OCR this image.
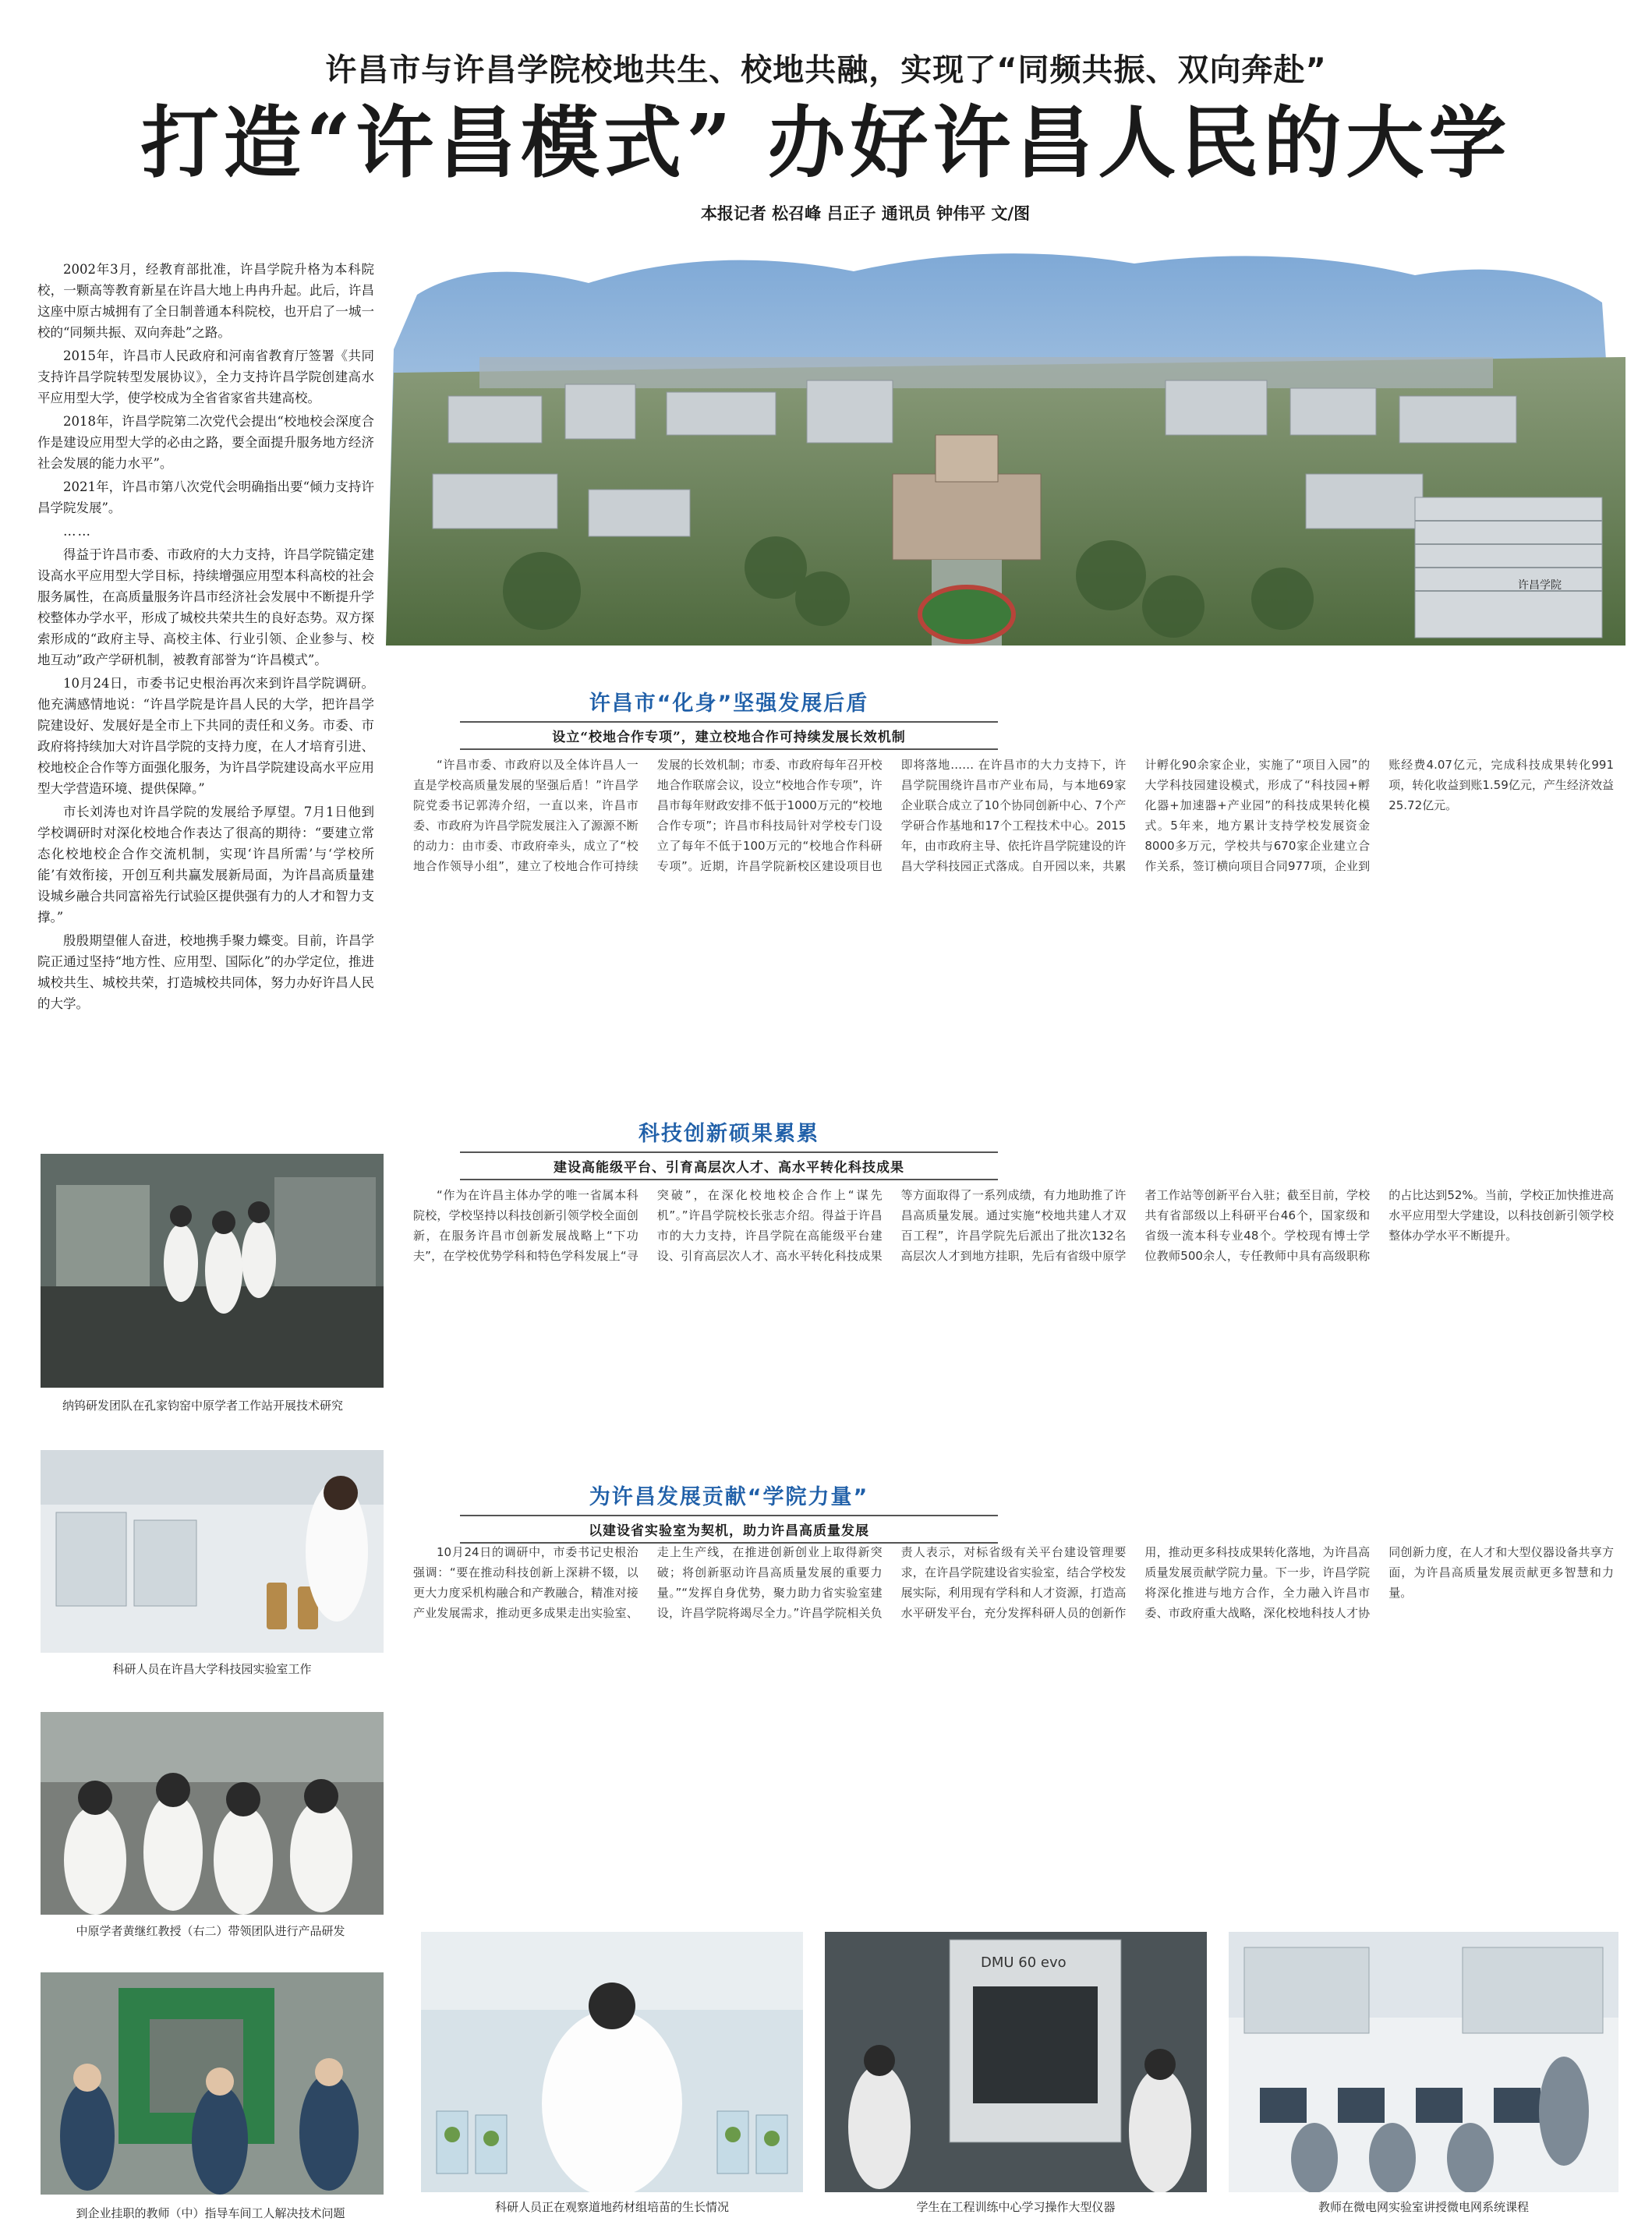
许昌市与许昌学院校地共生、校地共融，实现了“同频共振、双向奔赴”
打造“许昌模式” 办好许昌人民的大学
本报记者 松召峰 吕正子 通讯员 钟伟平 文/图

2002年3月，经教育部批准，许昌学院升格为本科院校，一颗高等教育新星在许昌大地上冉冉升起。此后，许昌这座中原古城拥有了全日制普通本科院校，也开启了一城一校的“同频共振、双向奔赴”之路。

2015年，许昌市人民政府和河南省教育厅签署《共同支持许昌学院转型发展协议》，全力支持许昌学院创建高水平应用型大学，使学校成为全省省家省共建高校。

2018年，许昌学院第二次党代会提出“校地校会深度合作是建设应用型大学的必由之路，要全面提升服务地方经济社会发展的能力水平”。

2021年，许昌市第八次党代会明确指出要“倾力支持许昌学院发展”。

……

得益于许昌市委、市政府的大力支持，许昌学院锚定建设高水平应用型大学目标，持续增强应用型本科高校的社会服务属性，在高质量服务许昌市经济社会发展中不断提升学校整体办学水平，形成了城校共荣共生的良好态势。双方探索形成的“政府主导、高校主体、行业引领、企业参与、校地互动”政产学研机制，被教育部誉为“许昌模式”。

10月24日，市委书记史根治再次来到许昌学院调研。他充满感情地说：“许昌学院是许昌人民的大学，把许昌学院建设好、发展好是全市上下共同的责任和义务。市委、市政府将持续加大对许昌学院的支持力度，在人才培育引进、校地校企合作等方面强化服务，为许昌学院建设高水平应用型大学营造环境、提供保障。”

市长刘涛也对许昌学院的发展给予厚望。7月1日他到学校调研时对深化校地合作表达了很高的期待：“要建立常态化校地校企合作交流机制，实现‘许昌所需’与‘学校所能’有效衔接，开创互利共赢发展新局面，为许昌高质量建设城乡融合共同富裕先行试验区提供强有力的人才和智力支撑。”

殷殷期望催人奋进，校地携手聚力蝶变。目前，许昌学院正通过坚持“地方性、应用型、国际化”的办学定位，推进城校共生、城校共荣，打造城校共同体，努力办好许昌人民的大学。

许昌学院
许昌市“化身”坚强发展后盾
设立“校地合作专项”，建立校地合作可持续发展长效机制

“许昌市委、市政府以及全体许昌人一直是学校高质量发展的坚强后盾！”许昌学院党委书记郭涛介绍，一直以来，许昌市委、市政府为许昌学院发展注入了源源不断的动力：由市委、市政府牵头，成立了“校地合作领导小组”，建立了校地合作可持续发展的长效机制；市委、市政府每年召开校地合作联席会议，设立“校地合作专项”，许昌市每年财政安排不低于1000万元的“校地合作专项”；许昌市科技局针对学校专门设立了每年不低于100万元的“校地合作科研专项”。近期，许昌学院新校区建设项目也即将落地…… 在许昌市的大力支持下，许昌学院围绕许昌市产业布局，与本地69家企业联合成立了10个协同创新中心、7个产学研合作基地和17个工程技术中心。2015年，由市政府主导、依托许昌学院建设的许昌大学科技园正式落成。自开园以来，共累计孵化90余家企业，实施了“项目入园”的大学科技园建设模式，形成了“科技园+孵化器+加速器+产业园”的科技成果转化模式。5年来，地方累计支持学校发展资金8000多万元，学校共与670家企业建立合作关系，签订横向项目合同977项，企业到账经费4.07亿元，完成科技成果转化991项，转化收益到账1.59亿元，产生经济效益25.72亿元。

科技创新硕果累累
建设高能级平台、引育高层次人才、高水平转化科技成果

“作为在许昌主体办学的唯一省属本科院校，学校坚持以科技创新引领学校全面创新，在服务许昌市创新发展战略上“下功夫”，在学校优势学科和特色学科发展上“寻突破”，在深化校地校企合作上“谋先机”。”许昌学院校长张志介绍。得益于许昌市的大力支持，许昌学院在高能级平台建设、引育高层次人才、高水平转化科技成果等方面取得了一系列成绩，有力地助推了许昌高质量发展。通过实施“校地共建人才双百工程”，许昌学院先后派出了批次132名高层次人才到地方挂职，先后有省级中原学者工作站等创新平台入驻；截至目前，学校共有省部级以上科研平台46个，国家级和省级一流本科专业48个。学校现有博士学位教师500余人，专任教师中具有高级职称的占比达到52%。当前，学校正加快推进高水平应用型大学建设，以科技创新引领学校整体办学水平不断提升。

为许昌发展贡献“学院力量”
以建设省实验室为契机，助力许昌高质量发展

10月24日的调研中，市委书记史根治强调：“要在推动科技创新上深耕不辍，以更大力度采机构融合和产教融合，精准对接产业发展需求，推动更多成果走出实验室、走上生产线，在推进创新创业上取得新突破；将创新驱动许昌高质量发展的重要力量。”“发挥自身优势，聚力助力省实验室建设，许昌学院将竭尽全力。”许昌学院相关负责人表示，对标省级有关平台建设管理要求，在许昌学院建设省实验室，结合学校发展实际，利用现有学科和人才资源，打造高水平研发平台，充分发挥科研人员的创新作用，推动更多科技成果转化落地，为许昌高质量发展贡献学院力量。下一步，许昌学院将深化推进与地方合作，全力融入许昌市委、市政府重大战略，深化校地科技人才协同创新力度，在人才和大型仪器设备共享方面，为许昌高质量发展贡献更多智慧和力量。

纳钨研发团队在孔家钧窑中原学者工作站开展技术研究
科研人员在许昌大学科技园实验室工作
中原学者黄继红教授（右二）带领团队进行产品研发
到企业挂职的教师（中）指导车间工人解决技术问题	科研人员正在观察道地药材组培苗的生长情况
DMU 60 evo
学生在工程训练中心学习操作大型仪器	教师在微电网实验室讲授微电网系统课程
